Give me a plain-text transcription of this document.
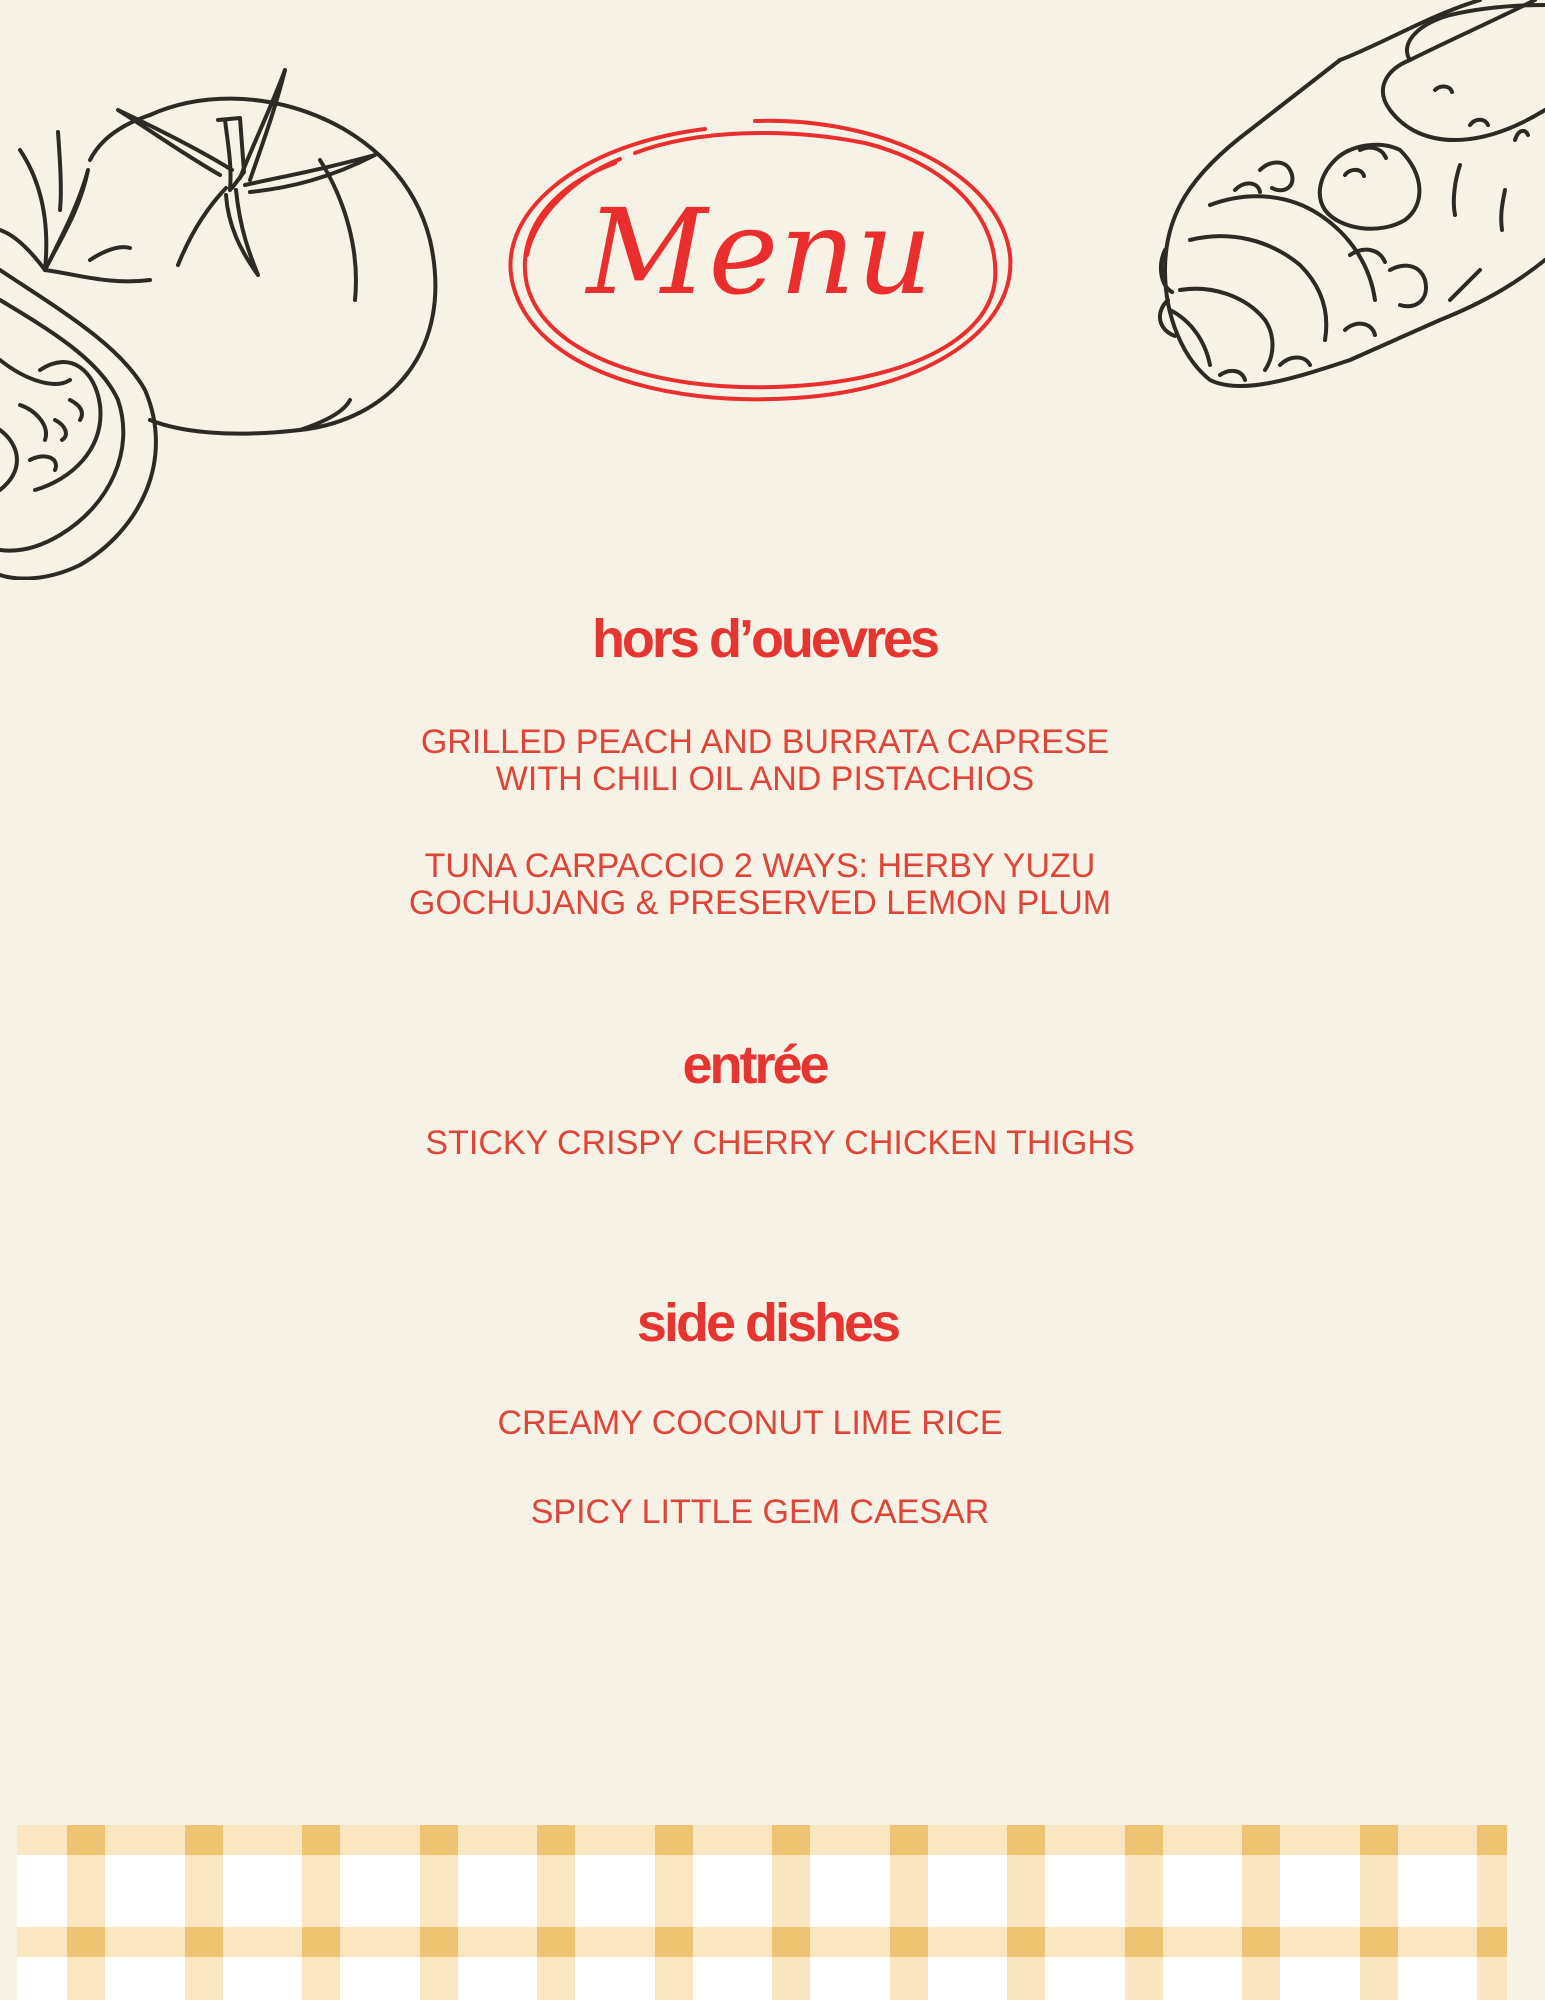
Menu
hors d’ouevres
GRILLED PEACH AND BURRATA CAPRESE
WITH CHILI OIL AND PISTACHIOS
TUNA CARPACCIO 2 WAYS: HERBY YUZU
GOCHUJANG & PRESERVED LEMON PLUM
entrée
STICKY CRISPY CHERRY CHICKEN THIGHS
side dishes
CREAMY COCONUT LIME RICE
SPICY LITTLE GEM CAESAR
